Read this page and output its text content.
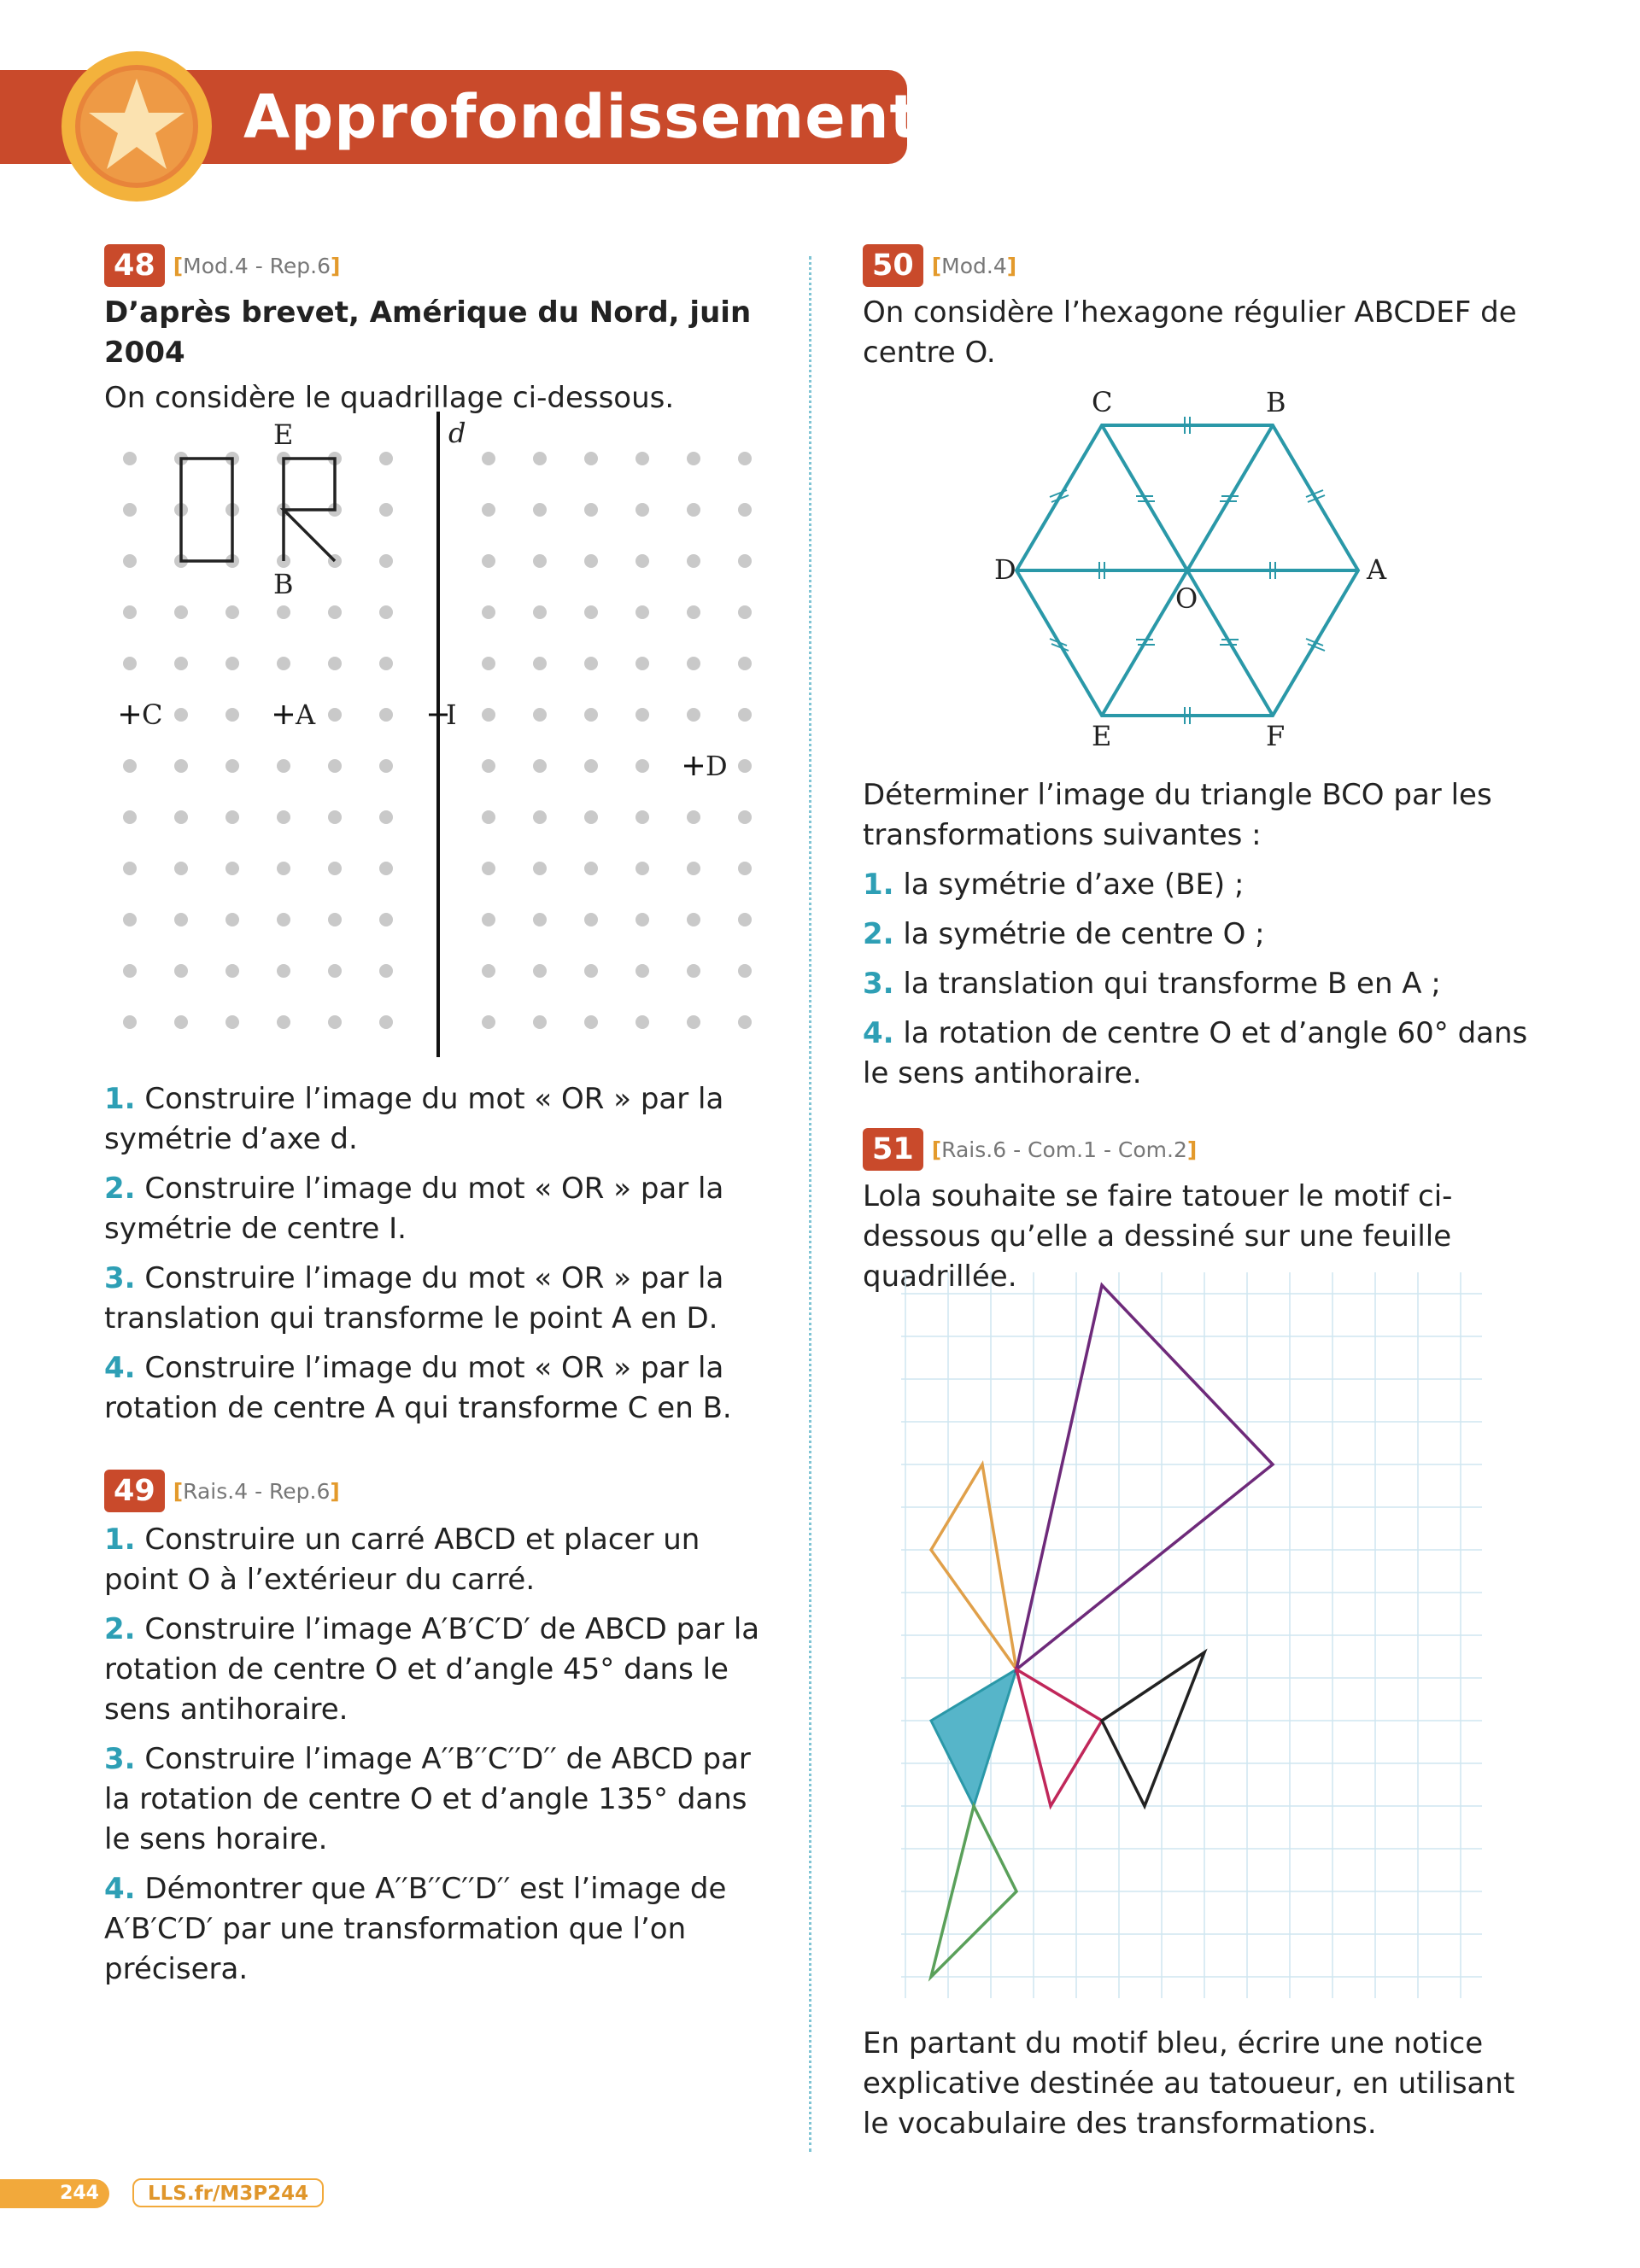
Approfondissement
48 [Mod.4 - Rep.6]
D’après brevet, Amérique du Nord, juin 2004
On considère le quadrillage ci-dessous.
E
B
d
C	A	I
D
1. Construire l’image du mot « OR » par la symétrie d’axe d.
2. Construire l’image du mot « OR » par la symétrie de centre I.
3. Construire l’image du mot « OR » par la translation qui transforme le point A en D.
4. Construire l’image du mot « OR » par la rotation de centre A qui transforme C en B.
49 [Rais.4 - Rep.6]
1. Construire un carré ABCD et placer un point O à l’extérieur du carré.
2. Construire l’image A′B′C′D′ de ABCD par la rotation de centre O et d’angle 45° dans le sens antihoraire.
3. Construire l’image A′′B′′C′′D′′ de ABCD par la rotation de centre O et d’angle 135° dans le sens horaire.
4. Démontrer que A′′B′′C′′D′′ est l’image de A′B′C′D′ par une transformation que l’on précisera.
50 [Mod.4]
On considère l’hexagone régulier ABCDEF de centre O.
A
B
C
D
E	F
O
Déterminer l’image du triangle BCO par les transformations suivantes :
1. la symétrie d’axe (BE) ;
2. la symétrie de centre O ;
3. la translation qui transforme B en A ;
4. la rotation de centre O et d’angle 60° dans le sens antihoraire.
51 [Rais.6 - Com.1 - Com.2]
Lola souhaite se faire tatouer le motif ci-dessous qu’elle a dessiné sur une feuille quadrillée.
En partant du motif bleu, écrire une notice explicative destinée au tatoueur, en utilisant le vocabulaire des transformations.
244	LLS.fr/M3P244
